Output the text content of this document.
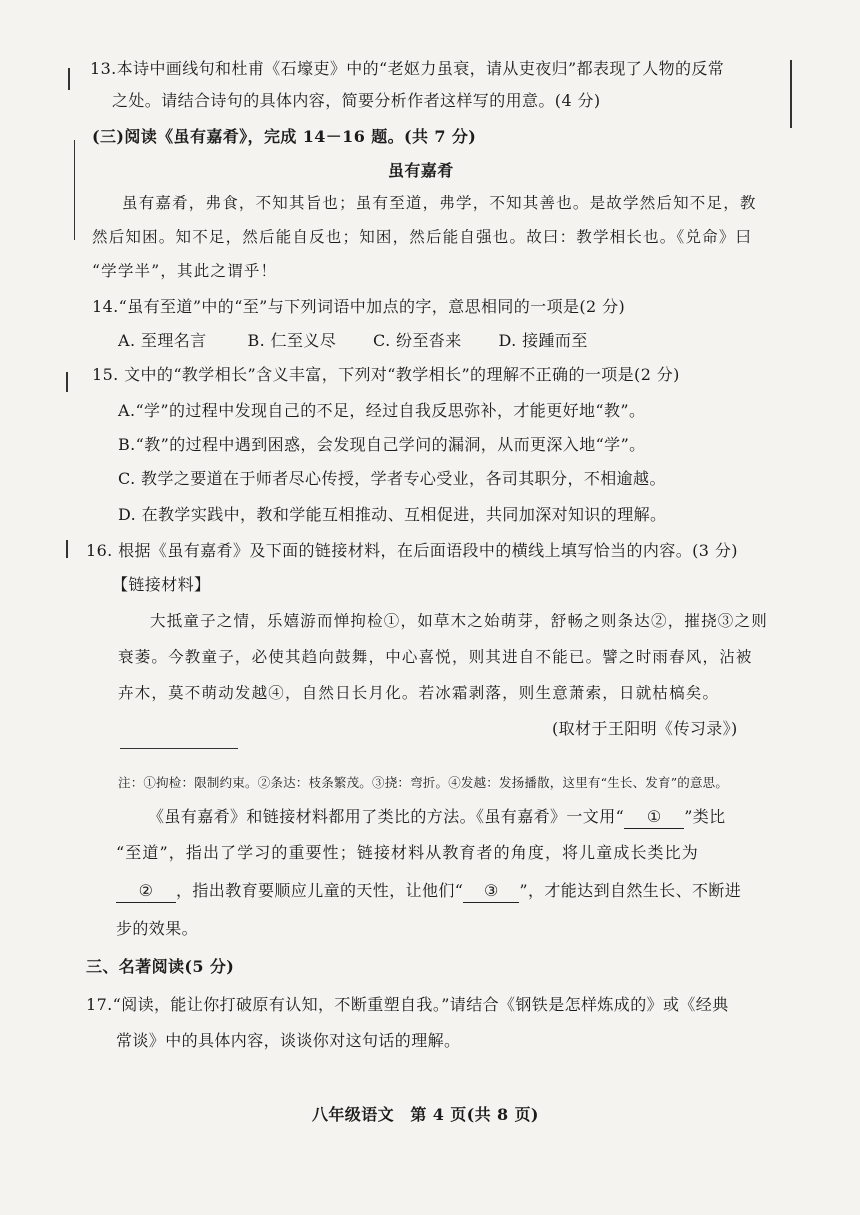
13.本诗中画线句和杜甫《石壕吏》中的“老妪力虽衰，请从吏夜归”都表现了人物的反常
之处。请结合诗句的具体内容，简要分析作者这样写的用意。(4 分)
(三)阅读《虽有嘉肴》，完成 14－16 题。(共 7 分)
虽有嘉肴
虽有嘉肴，弗食，不知其旨也；虽有至道，弗学，不知其善也。是故学然后知不足，教
然后知困。知不足，然后能自反也；知困，然后能自强也。故曰：教学相长也。《兑命》曰
“学学半”，其此之谓乎！
14.“虽有至道”中的“至”与下列词语中加点的字，意思相同的一项是(2 分)
A. 至理名言	B. 仁至义尽 C. 纷至沓来 D. 接踵而至
15. 文中的“教学相长”含义丰富，下列对“教学相长”的理解不正确的一项是(2 分)
A.“学”的过程中发现自己的不足，经过自我反思弥补，才能更好地“教”。
B.“教”的过程中遇到困惑，会发现自己学问的漏洞，从而更深入地“学”。
C. 教学之要道在于师者尽心传授，学者专心受业，各司其职分，不相逾越。
D. 在教学实践中，教和学能互相推动、互相促进，共同加深对知识的理解。
16. 根据《虽有嘉肴》及下面的链接材料，在后面语段中的横线上填写恰当的内容。(3 分)
【链接材料】
大抵童子之情，乐嬉游而惮拘检①，如草木之始萌芽，舒畅之则条达②，摧挠③之则
衰萎。今教童子，必使其趋向鼓舞，中心喜悦，则其进自不能已。譬之时雨春风，沾被
卉木，莫不萌动发越④，自然日长月化。若冰霜剥落，则生意萧索，日就枯槁矣。
(取材于王阳明《传习录》)
注：①拘检：限制约束。②条达：枝条繁茂。③挠：弯折。④发越：发扬播散，这里有“生长、发育”的意思。
《虽有嘉肴》和链接材料都用了类比的方法。《虽有嘉肴》一文用“ ① ”类比
“至道”，指出了学习的重要性；链接材料从教育者的角度，将儿童成长类比为
② ，指出教育要顺应儿童的天性，让他们“ ③ ”，才能达到自然生长、不断进
步的效果。
三、名著阅读(5 分)
17.“阅读，能让你打破原有认知，不断重塑自我。”请结合《钢铁是怎样炼成的》或《经典
常谈》中的具体内容，谈谈你对这句话的理解。
八年级语文　第 4 页(共 8 页)
